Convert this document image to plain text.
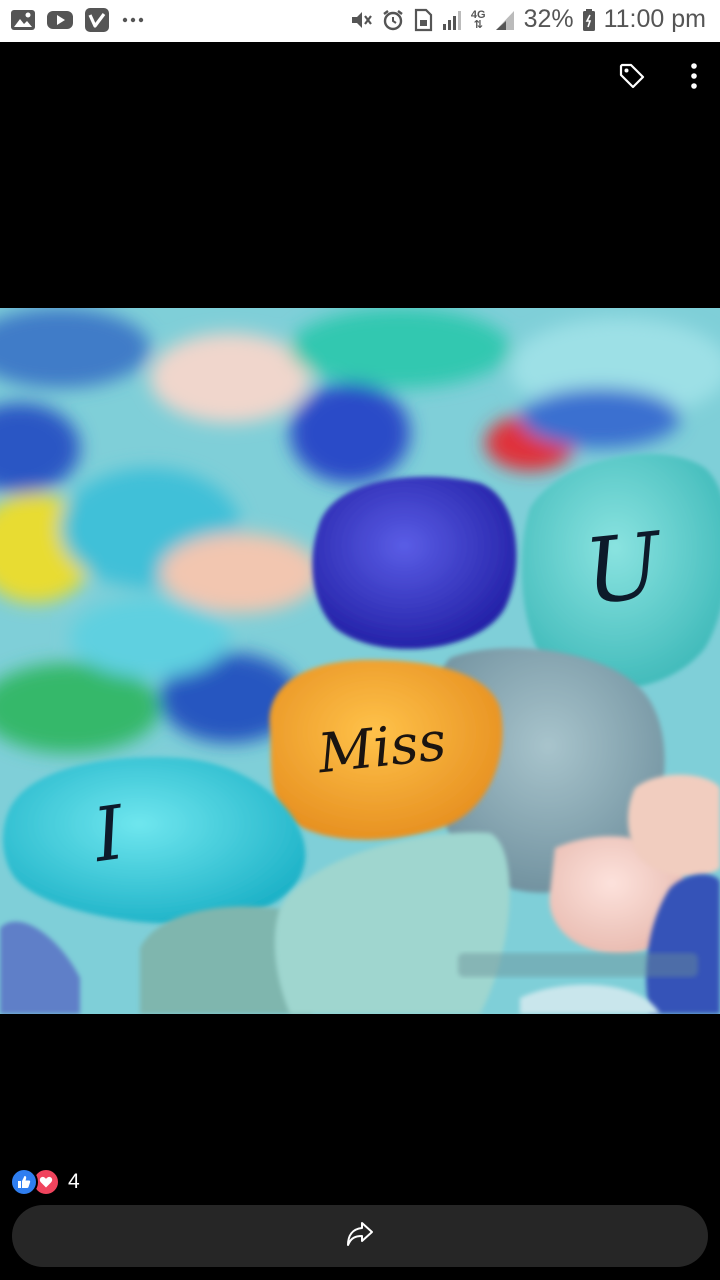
4G
⇅ 32% 11:00 pm
I
Miss
U
4
